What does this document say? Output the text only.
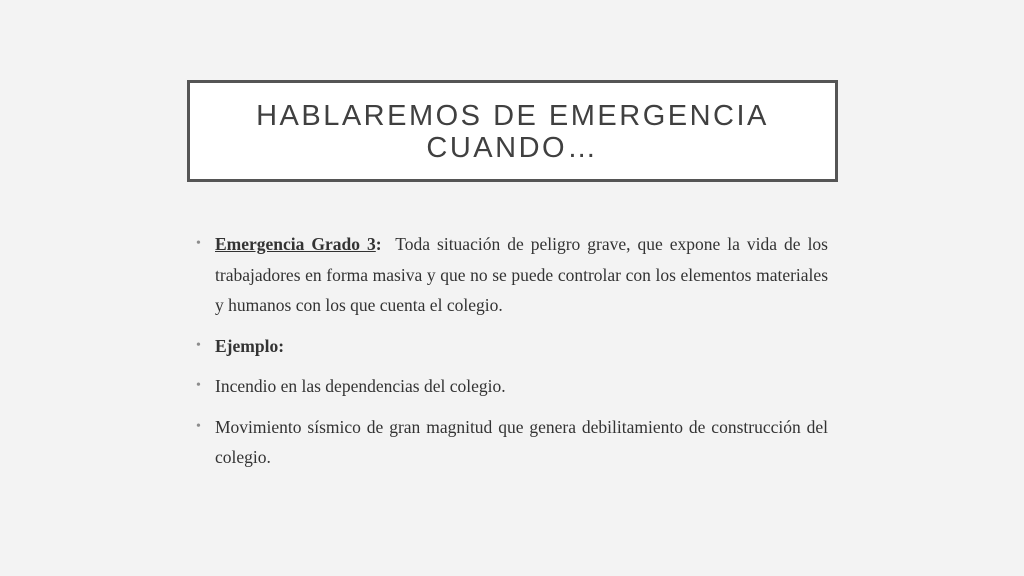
HABLAREMOS DE EMERGENCIA
CUANDO…
• Emergencia Grado 3:  Toda situación de peligro grave, que expone la vida de los trabajadores en forma masiva y que no se puede controlar con los elementos materiales y humanos con los que cuenta el colegio.
• Ejemplo:
• Incendio en las dependencias del colegio.
• Movimiento sísmico de gran magnitud que genera debilitamiento de construcción del colegio.
